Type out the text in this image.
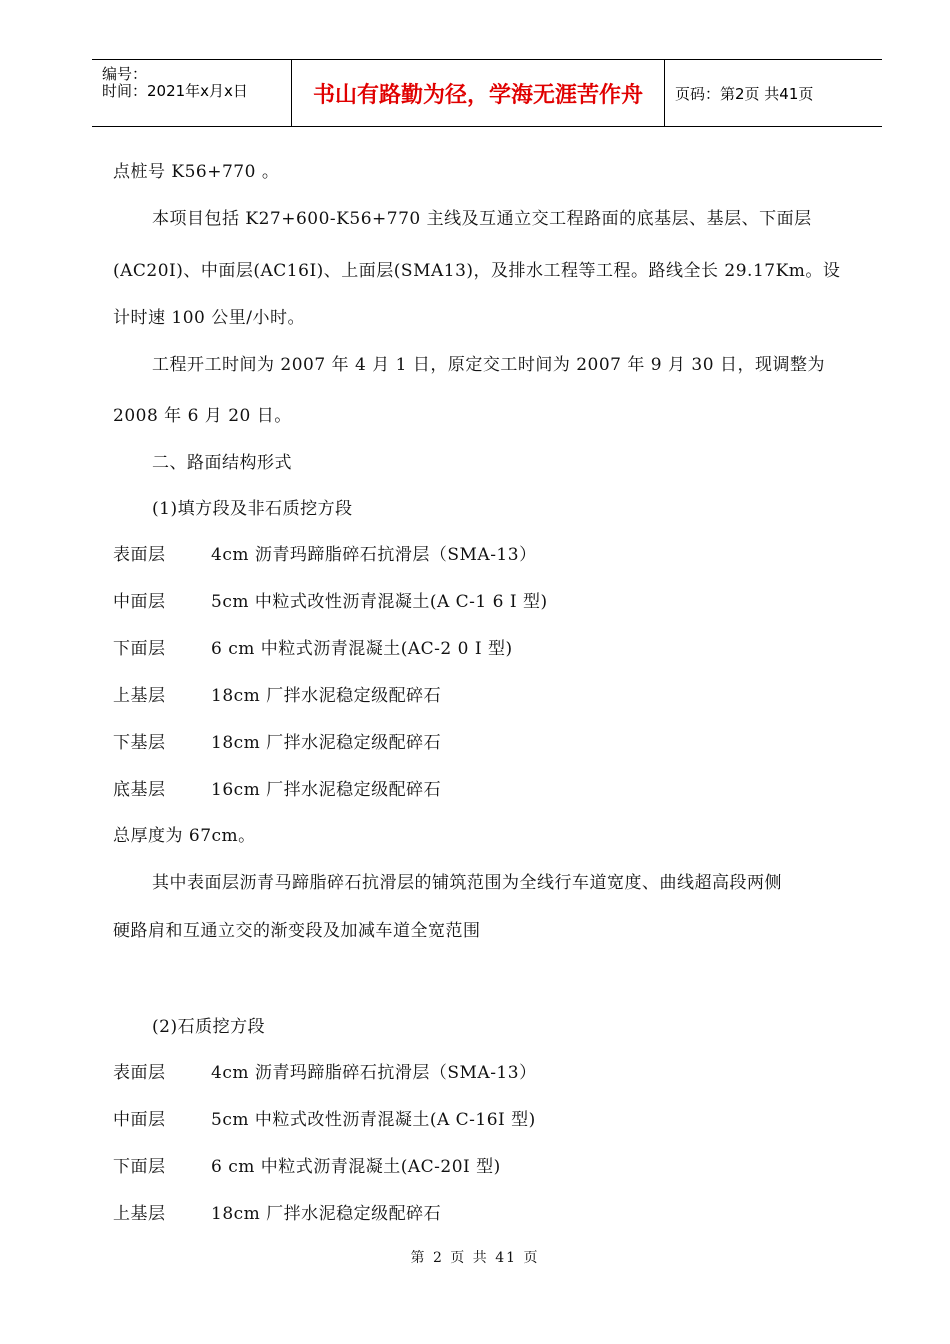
编号：
时间：2021年x月x日	书山有路勤为径，学海无涯苦作舟	页码：第2页 共41页
点桩号 K56+770 。
本项目包括 K27+600-K56+770 主线及互通立交工程路面的底基层、基层、下面层
(AC20I)、中面层(AC16I)、上面层(SMA13)，及排水工程等工程。路线全长 29.17Km。设
计时速 100 公里/小时。
工程开工时间为 2007 年 4 月 1 日，原定交工时间为 2007 年 9 月 30 日，现调整为
2008 年 6 月 20 日。
二、路面结构形式
(1)填方段及非石质挖方段
表面层	4cm 沥青玛蹄脂碎石抗滑层（SMA-13）
中面层	5cm 中粒式改性沥青混凝土(A C-1 6 I 型)
下面层	6 cm 中粒式沥青混凝土(AC-2 0 I 型)
上基层	18cm 厂拌水泥稳定级配碎石
下基层	18cm 厂拌水泥稳定级配碎石
底基层	16cm 厂拌水泥稳定级配碎石
总厚度为 67cm。
其中表面层沥青马蹄脂碎石抗滑层的铺筑范围为全线行车道宽度、曲线超高段两侧
硬路肩和互通立交的渐变段及加减车道全宽范围
(2)石质挖方段
表面层	4cm 沥青玛蹄脂碎石抗滑层（SMA-13）
中面层	5cm 中粒式改性沥青混凝土(A C-16I 型)
下面层	6 cm 中粒式沥青混凝土(AC-20I 型)
上基层	18cm 厂拌水泥稳定级配碎石
第 2 页 共 41 页
